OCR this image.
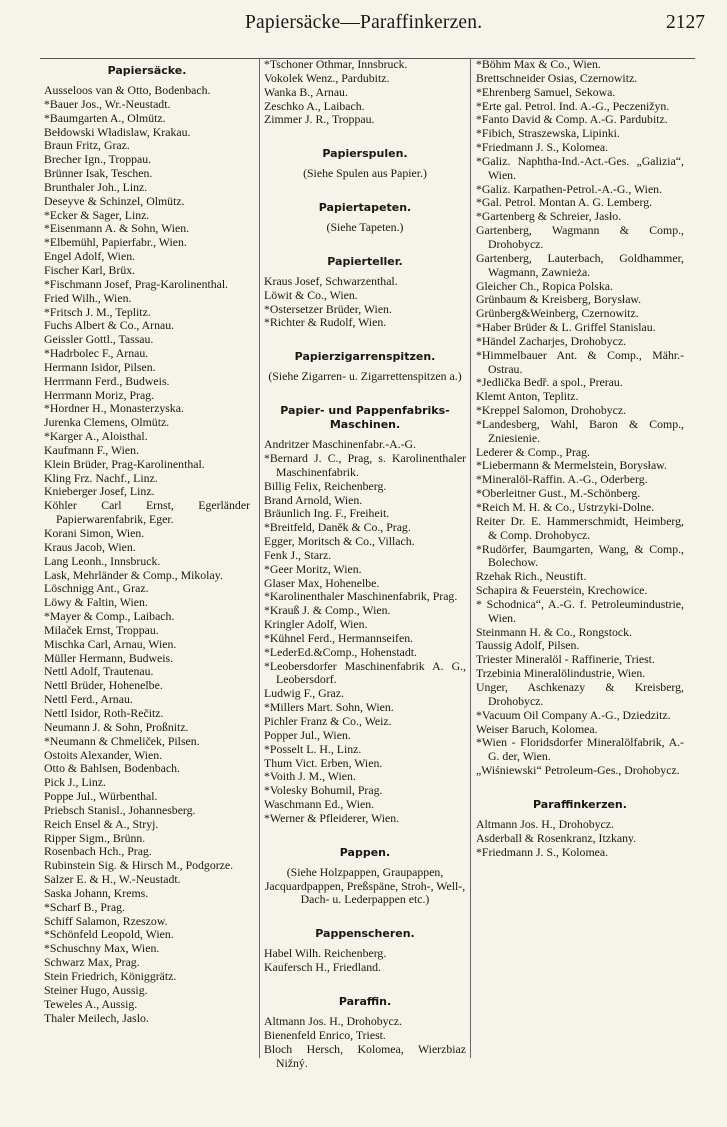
Papiersäcke—Paraffinkerzen.	2127
Papiersäcke.
Ausseloos van & Otto, Bodenbach.
*Bauer Jos., Wr.-Neustadt.
*Baumgarten A., Olmütz.
Bełdowski Władislaw, Krakau.
Braun Fritz, Graz.
Brecher Ign., Troppau.
Brünner Isak, Teschen.
Brunthaler Joh., Linz.
Deseyve & Schinzel, Olmütz.
*Ecker & Sager, Linz.
*Eisenmann A. & Sohn, Wien.
*Elbemühl, Papierfabr., Wien.
Engel Adolf, Wien.
Fischer Karl, Brüx.
*Fischmann Josef, Prag-Karolinenthal.
Fried Wilh., Wien.
*Fritsch J. M., Teplitz.
Fuchs Albert & Co., Arnau.
Geissler Gottl., Tassau.
*Hadrbolec F., Arnau.
Hermann Isidor, Pilsen.
Herrmann Ferd., Budweis.
Herrmann Moriz, Prag.
*Hordner H., Monasterzyska.
Jurenka Clemens, Olmütz.
*Karger A., Aloisthal.
Kaufmann F., Wien.
Klein Brüder, Prag-Karolinenthal.
Kling Frz. Nachf., Linz.
Knieberger Josef, Linz.
Köhler Carl Ernst, Egerländer Papierwarenfabrik, Eger.
Korani Simon, Wien.
Kraus Jacob, Wien.
Lang Leonh., Innsbruck.
Lask, Mehrländer & Comp., Mikolay.
Löschnigg Ant., Graz.
Löwy & Faltin, Wien.
*Mayer & Comp., Laibach.
Milaček Ernst, Troppau.
Mischka Carl, Arnau, Wien.
Müller Hermann, Budweis.
Nettl Adolf, Trautenau.
Nettl Brüder, Hohenelbe.
Nettl Ferd., Arnau.
Nettl Isidor, Roth-Rečitz.
Neumann J. & Sohn, Proßnitz.
*Neumann & Chmeliček, Pilsen.
Ostoits Alexander, Wien.
Otto & Bahlsen, Bodenbach.
Pick J., Linz.
Poppe Jul., Würbenthal.
Priebsch Stanisl., Johannesberg.
Reich Ensel & A., Stryj.
Ripper Sigm., Brünn.
Rosenbach Hch., Prag.
Rubinstein Sig. & Hirsch M., Podgorze.
Salzer E. & H., W.-Neustadt.
Saska Johann, Krems.
*Scharf B., Prag.
Schiff Salamon, Rzeszow.
*Schönfeld Leopold, Wien.
*Schuschny Max, Wien.
Schwarz Max, Prag.
Stein Friedrich, Königgrätz.
Steiner Hugo, Aussig.
Teweles A., Aussig.
Thaler Meilech, Jaslo.
*Tschoner Othmar, Innsbruck.
Vokolek Wenz., Pardubitz.
Wanka B., Arnau.
Zeschko A., Laibach.
Zimmer J. R., Troppau.
Papierspulen.
(Siehe Spulen aus Papier.)
Papiertapeten.
(Siehe Tapeten.)
Papierteller.
Kraus Josef, Schwarzenthal.
Löwit & Co., Wien.
*Ostersetzer Brüder, Wien.
*Richter & Rudolf, Wien.
Papierzigarrenspitzen.
(Siehe Zigarren- u. Zigarrettenspitzen a.)
Papier- und Pappenfabriks-Maschinen.
Andritzer Maschinenfabr.-A.-G.
*Bernard J. C., Prag, s. Karolinenthaler Maschinenfabrik.
Billig Felix, Reichenberg.
Brand Arnold, Wien.
Bräunlich Ing. F., Freiheit.
*Breitfeld, Daněk & Co., Prag.
Egger, Moritsch & Co., Villach.
Fenk J., Starz.
*Geer Moritz, Wien.
Glaser Max, Hohenelbe.
*Karolinenthaler Maschinenfabrik, Prag.
*Krauß J. & Comp., Wien.
Kringler Adolf, Wien.
*Kühnel Ferd., Hermannseifen.
*LederEd.&Comp., Hohenstadt.
*Leobersdorfer Maschinenfabrik A. G., Leobersdorf.
Ludwig F., Graz.
*Millers Mart. Sohn, Wien.
Pichler Franz & Co., Weiz.
Popper Jul., Wien.
*Posselt L. H., Linz.
Thum Vict. Erben, Wien.
*Voith J. M., Wien.
*Volesky Bohumil, Prag.
Waschmann Ed., Wien.
*Werner & Pfleiderer, Wien.
Pappen.
(Siehe Holzpappen, Graupappen, Jacquardpappen, Preßspäne, Stroh-, Well-, Dach- u. Lederpappen etc.)
Pappenscheren.
Habel Wilh. Reichenberg.
Kaufersch H., Friedland.
Paraffin.
Altmann Jos. H., Drohobycz.
Bienenfeld Enrico, Triest.
Bloch Hersch, Kolomea, Wierzbiaz Nižný.
*Böhm Max & Co., Wien.
Brettschneider Osias, Czernowitz.
*Ehrenberg Samuel, Sekowa.
*Erte gal. Petrol. Ind. A.-G., Peczenižyn.
*Fanto David & Comp. A.-G. Pardubitz.
*Fibich, Straszewska, Lipinki.
*Friedmann J. S., Kolomea.
*Galiz. Naphtha-Ind.-Act.-Ges. „Galizia“, Wien.
*Galiz. Karpathen-Petrol.-A.-G., Wien.
*Gal. Petrol. Montan A. G. Lemberg.
*Gartenberg & Schreier, Jasło.
Gartenberg, Wagmann & Comp., Drohobycz.
Gartenberg, Lauterbach, Goldhammer, Wagmann, Zawnieża.
Gleicher Ch., Ropica Polska.
Grünbaum & Kreisberg, Borysław.
Grünberg&Weinberg, Czernowitz.
*Haber Brüder & L. Griffel Stanislau.
*Händel Zacharjes, Drohobycz.
*Himmelbauer Ant. & Comp., Mähr.-Ostrau.
*Jedlička Bedř. a spol., Prerau.
Klemt Anton, Teplitz.
*Kreppel Salomon, Drohobycz.
*Landesberg, Wahl, Baron & Comp., Zniesienie.
Lederer & Comp., Prag.
*Liebermann & Mermelstein, Borysław.
*Mineralöl-Raffin. A.-G., Oderberg.
*Oberleitner Gust., M.-Schönberg.
*Reich M. H. & Co., Ustrzyki-Dolne.
Reiter Dr. E. Hammerschmidt, Heimberg, & Comp. Drohobycz.
*Rudörfer, Baumgarten, Wang, & Comp., Bolechow.
Rzehak Rich., Neustift.
Schapira & Feuerstein, Krechowice.
* Schodnica“, A.-G. f. Petroleumindustrie, Wien.
Steinmann H. & Co., Rongstock.
Taussig Adolf, Pilsen.
Triester Mineralöl - Raffinerie, Triest.
Trzebinia Mineralölindustrie, Wien.
Unger, Aschkenazy & Kreisberg, Drohobycz.
*Vacuum Oil Company A.-G., Dziedzitz.
Weiser Baruch, Kolomea.
*Wien - Floridsdorfer Mineralölfabrik, A.-G. der, Wien.
„Wiśniewski“ Petroleum-Ges., Drohobycz.
Paraffinkerzen.
Altmann Jos. H., Drohobycz.
Asderball & Rosenkranz, Itzkany.
*Friedmann J. S., Kolomea.
